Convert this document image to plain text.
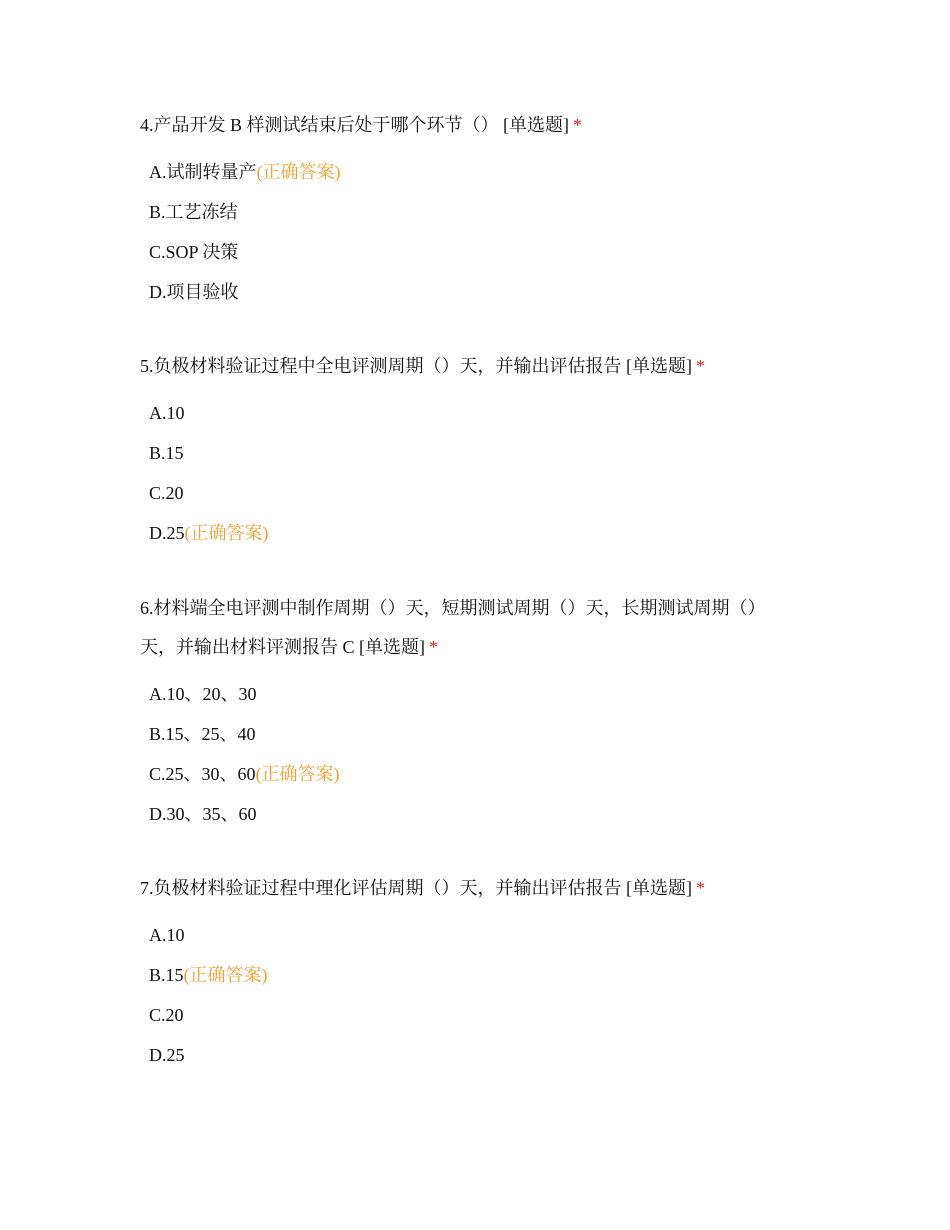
4.产品开发 B 样测试结束后处于哪个环节（） [单选题] *

A.试制转量产(正确答案)
B.工艺冻结
C.SOP 决策
D.项目验收

5.负极材料验证过程中全电评测周期（）天，并输出评估报告 [单选题] *

A.10
B.15
C.20
D.25(正确答案)

6.材料端全电评测中制作周期（）天，短期测试周期（）天，长期测试周期（）天，并输出材料评测报告 C [单选题] *

A.10、20、30
B.15、25、40
C.25、30、60(正确答案)
D.30、35、60

7.负极材料验证过程中理化评估周期（）天，并输出评估报告 [单选题] *

A.10
B.15(正确答案)
C.20
D.25
